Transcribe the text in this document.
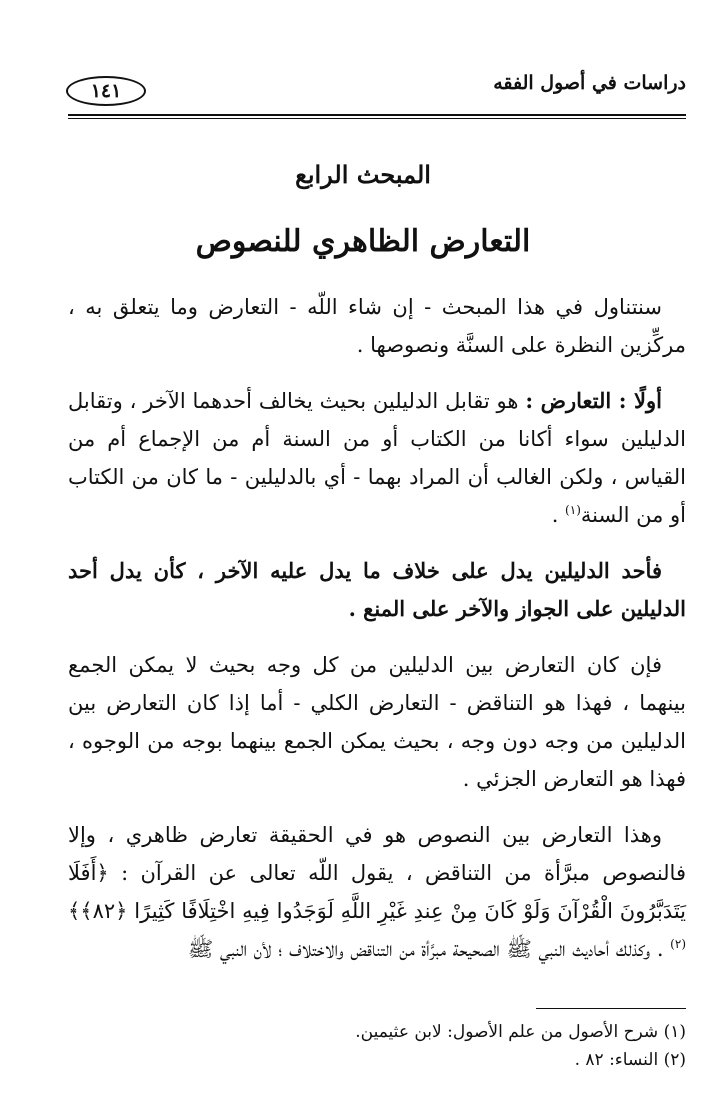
دراسات في أصول الفقه
١٤١
المبحث الرابع
التعارض الظاهري للنصوص

سنتناول في هذا المبحث - إن شاء اللّه - التعارض وما يتعلق به ، مركِّزين النظرة على السنَّة ونصوصها .

أولًا : التعارض : هو تقابل الدليلين بحيث يخالف أحدهما الآخر ، وتقابل الدليلين سواء أكانا من الكتاب أو من السنة أم من الإجماع أم من القياس ، ولكن الغالب أن المراد بهما - أي بالدليلين - ما كان من الكتاب أو من السنة$^{(١)}$ .

فأحد الدليلين يدل على خلاف ما يدل عليه الآخر ، كأن يدل أحد الدليلين على الجواز والآخر على المنع .

فإن كان التعارض بين الدليلين من كل وجه بحيث لا يمكن الجمع بينهما ، فهذا هو التناقض - التعارض الكلي - أما إذا كان التعارض بين الدليلين من وجه دون وجه ، بحيث يمكن الجمع بينهما بوجه من الوجوه ، فهذا هو التعارض الجزئي .

وهذا التعارض بين النصوص هو في الحقيقة تعارض ظاهري ، وإلا فالنصوص مبرَّأة من التناقض ، يقول اللّه تعالى عن القرآن : ﴿أَفَلَا يَتَدَبَّرُونَ الْقُرْآنَ وَلَوْ كَانَ مِنْ عِندِ غَيْرِ اللَّهِ لَوَجَدُوا فِيهِ اخْتِلَافًا كَثِيرًا ﴿٨٢﴾﴾$^{(٢)}$ . وكذلك أحاديث النبي ﷺ الصحيحة مبرَّأة من التناقض والاختلاف ؛ لأن النبي ﷺ

(١) شرح الأصول من علم الأصول: لابن عثيمين.

(٢) النساء: ٨٢ .
